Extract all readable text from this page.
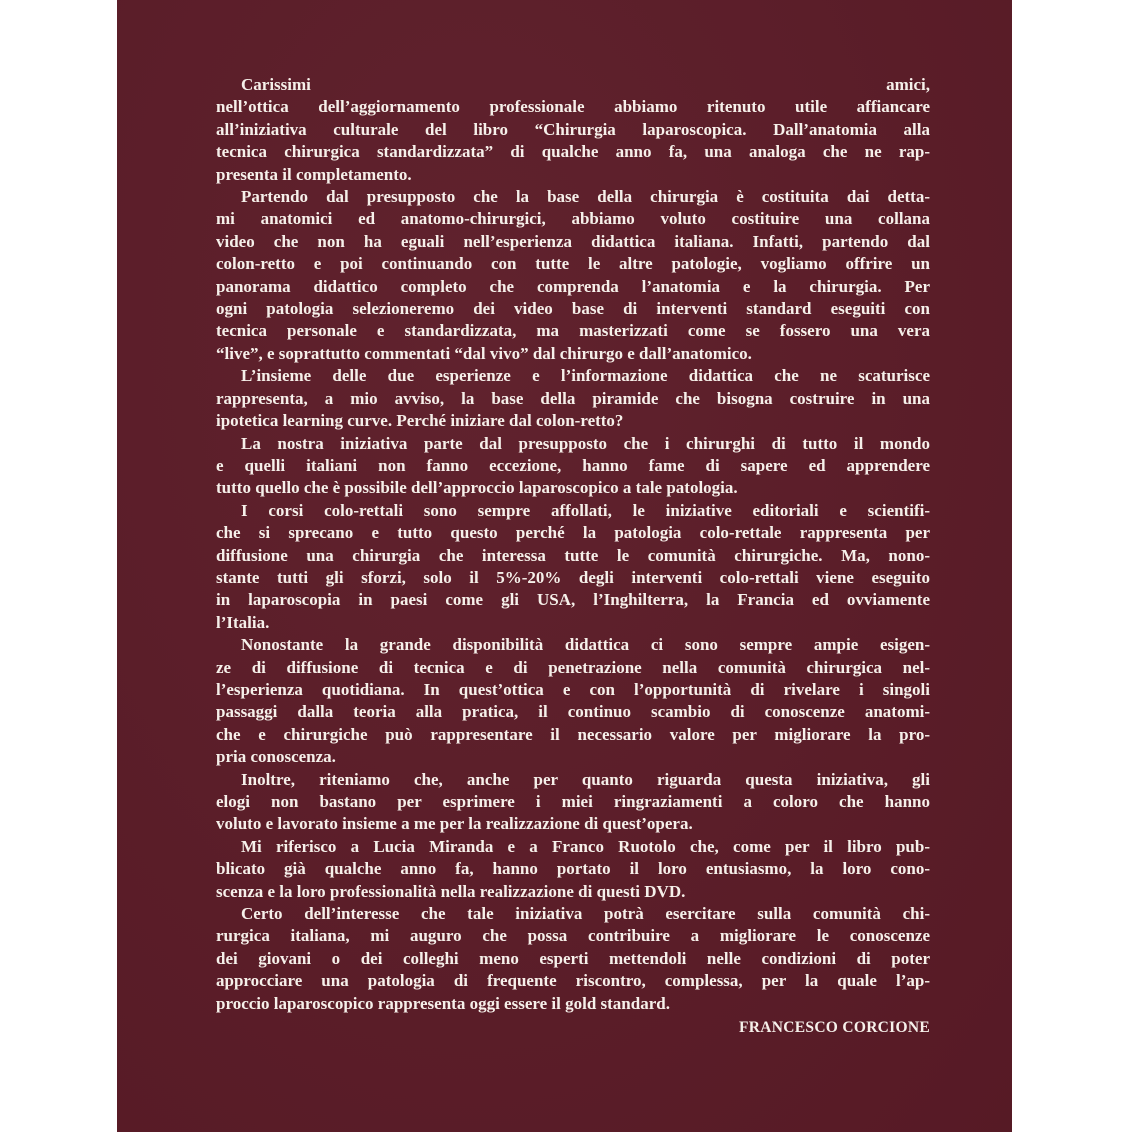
Carissimi amici,
nell’ottica dell’aggiornamento professionale abbiamo ritenuto utile affiancare
all’iniziativa culturale del libro “Chirurgia laparoscopica. Dall’anatomia alla
tecnica chirurgica standardizzata” di qualche anno fa, una analoga che ne rap-
presenta il completamento.
Partendo dal presupposto che la base della chirurgia è costituita dai detta-
mi anatomici ed anatomo-chirurgici, abbiamo voluto costituire una collana
video che non ha eguali nell’esperienza didattica italiana. Infatti, partendo dal
colon-retto e poi continuando con tutte le altre patologie, vogliamo offrire un
panorama didattico completo che comprenda l’anatomia e la chirurgia. Per
ogni patologia selezioneremo dei video base di interventi standard eseguiti con
tecnica personale e standardizzata, ma masterizzati come se fossero una vera
“live”, e soprattutto commentati “dal vivo” dal chirurgo e dall’anatomico.
L’insieme delle due esperienze e l’informazione didattica che ne scaturisce
rappresenta, a mio avviso, la base della piramide che bisogna costruire in una
ipotetica learning curve. Perché iniziare dal colon-retto?
La nostra iniziativa parte dal presupposto che i chirurghi di tutto il mondo
e quelli italiani non fanno eccezione, hanno fame di sapere ed apprendere
tutto quello che è possibile dell’approccio laparoscopico a tale patologia.
I corsi colo-rettali sono sempre affollati, le iniziative editoriali e scientifi-
che si sprecano e tutto questo perché la patologia colo-rettale rappresenta per
diffusione una chirurgia che interessa tutte le comunità chirurgiche. Ma, nono-
stante tutti gli sforzi, solo il 5%-20% degli interventi colo-rettali viene eseguito
in laparoscopia in paesi come gli USA, l’Inghilterra, la Francia ed ovviamente
l’Italia.
Nonostante la grande disponibilità didattica ci sono sempre ampie esigen-
ze di diffusione di tecnica e di penetrazione nella comunità chirurgica nel-
l’esperienza quotidiana. In quest’ottica e con l’opportunità di rivelare i singoli
passaggi dalla teoria alla pratica, il continuo scambio di conoscenze anatomi-
che e chirurgiche può rappresentare il necessario valore per migliorare la pro-
pria conoscenza.
Inoltre, riteniamo che, anche per quanto riguarda questa iniziativa, gli
elogi non bastano per esprimere i miei ringraziamenti a coloro che hanno
voluto e lavorato insieme a me per la realizzazione di quest’opera.
Mi riferisco a Lucia Miranda e a Franco Ruotolo che, come per il libro pub-
blicato già qualche anno fa, hanno portato il loro entusiasmo, la loro cono-
scenza e la loro professionalità nella realizzazione di questi DVD.
Certo dell’interesse che tale iniziativa potrà esercitare sulla comunità chi-
rurgica italiana, mi auguro che possa contribuire a migliorare le conoscenze
dei giovani o dei colleghi meno esperti mettendoli nelle condizioni di poter
approcciare una patologia di frequente riscontro, complessa, per la quale l’ap-
proccio laparoscopico rappresenta oggi essere il gold standard.
FRANCESCO CORCIONE
